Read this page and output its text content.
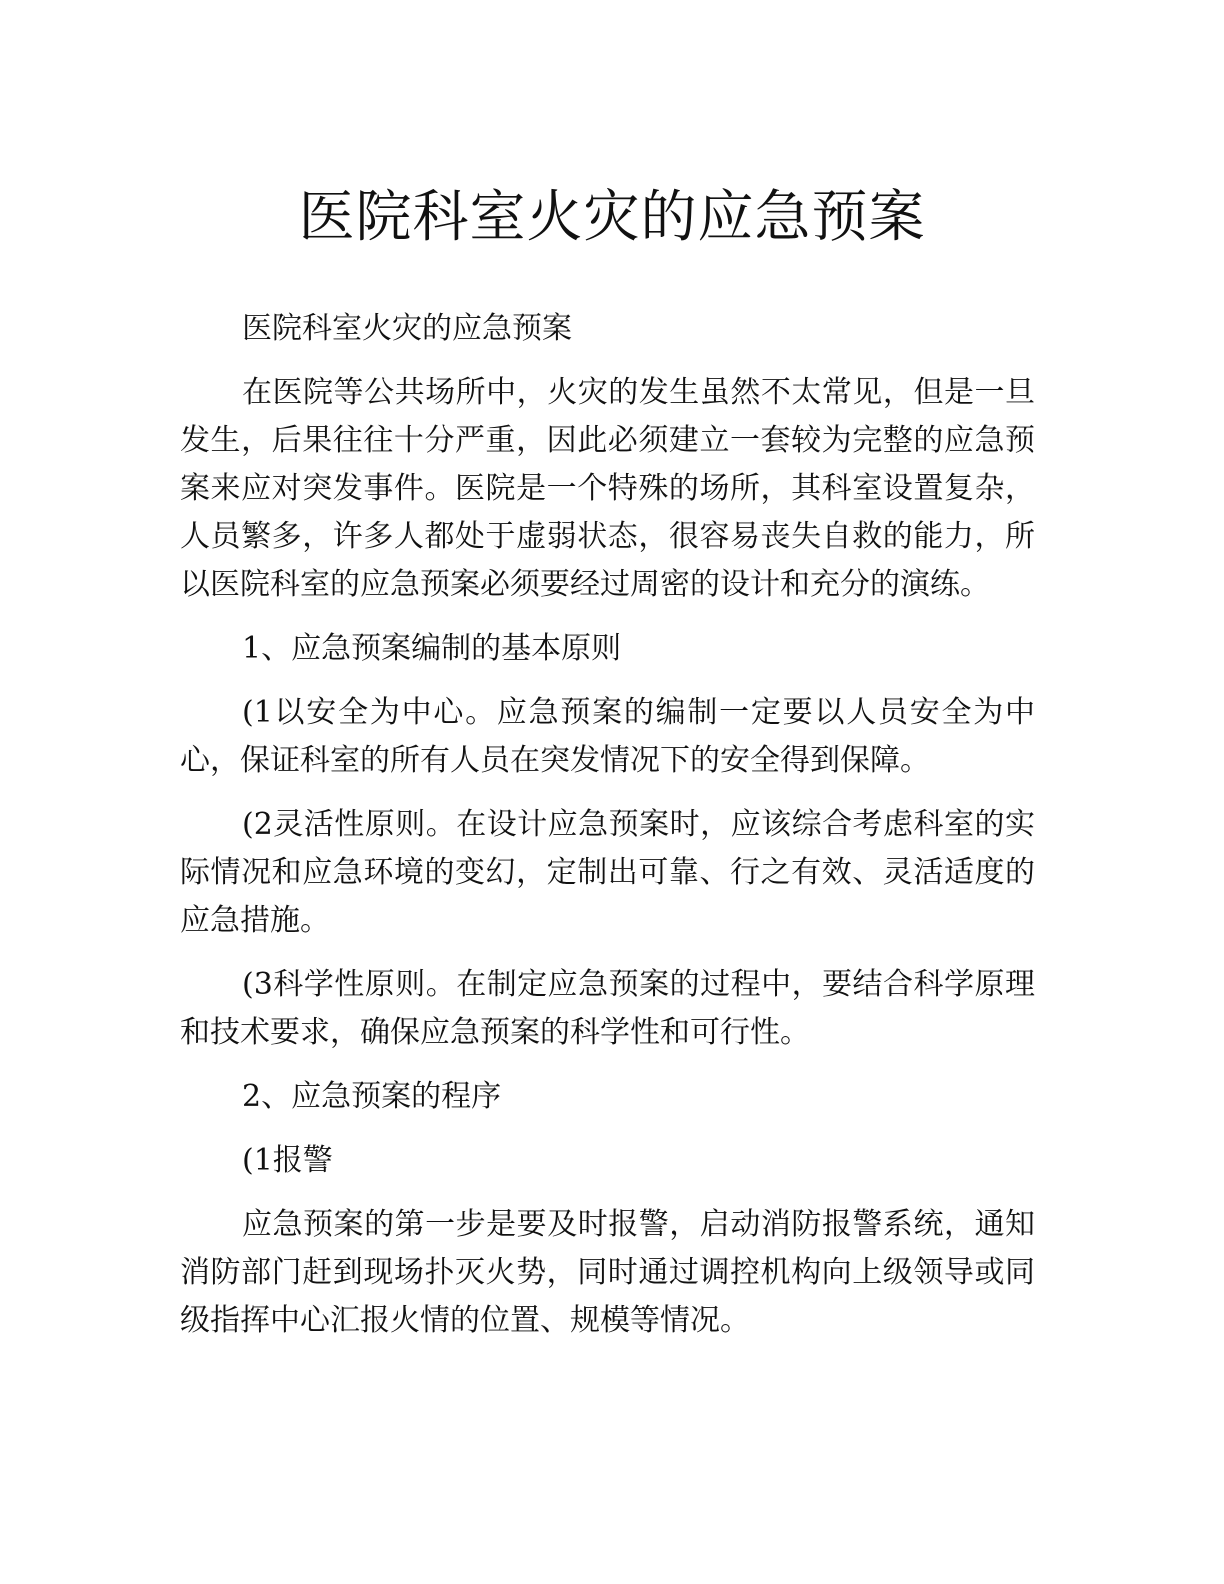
医院科室火灾的应急预案

医院科室火灾的应急预案

在医院等公共场所中，火灾的发生虽然不太常见，但是一旦发生，后果往往十分严重，因此必须建立一套较为完整的应急预案来应对突发事件。医院是一个特殊的场所，其科室设置复杂，人员繁多，许多人都处于虚弱状态，很容易丧失自救的能力，所以医院科室的应急预案必须要经过周密的设计和充分的演练。

1、应急预案编制的基本原则

(1以安全为中心。应急预案的编制一定要以人员安全为中心，保证科室的所有人员在突发情况下的安全得到保障。

(2灵活性原则。在设计应急预案时，应该综合考虑科室的实际情况和应急环境的变幻，定制出可靠、行之有效、灵活适度的应急措施。

(3科学性原则。在制定应急预案的过程中，要结合科学原理和技术要求，确保应急预案的科学性和可行性。

2、应急预案的程序

(1报警

应急预案的第一步是要及时报警，启动消防报警系统，通知消防部门赶到现场扑灭火势，同时通过调控机构向上级领导或同级指挥中心汇报火情的位置、规模等情况。
